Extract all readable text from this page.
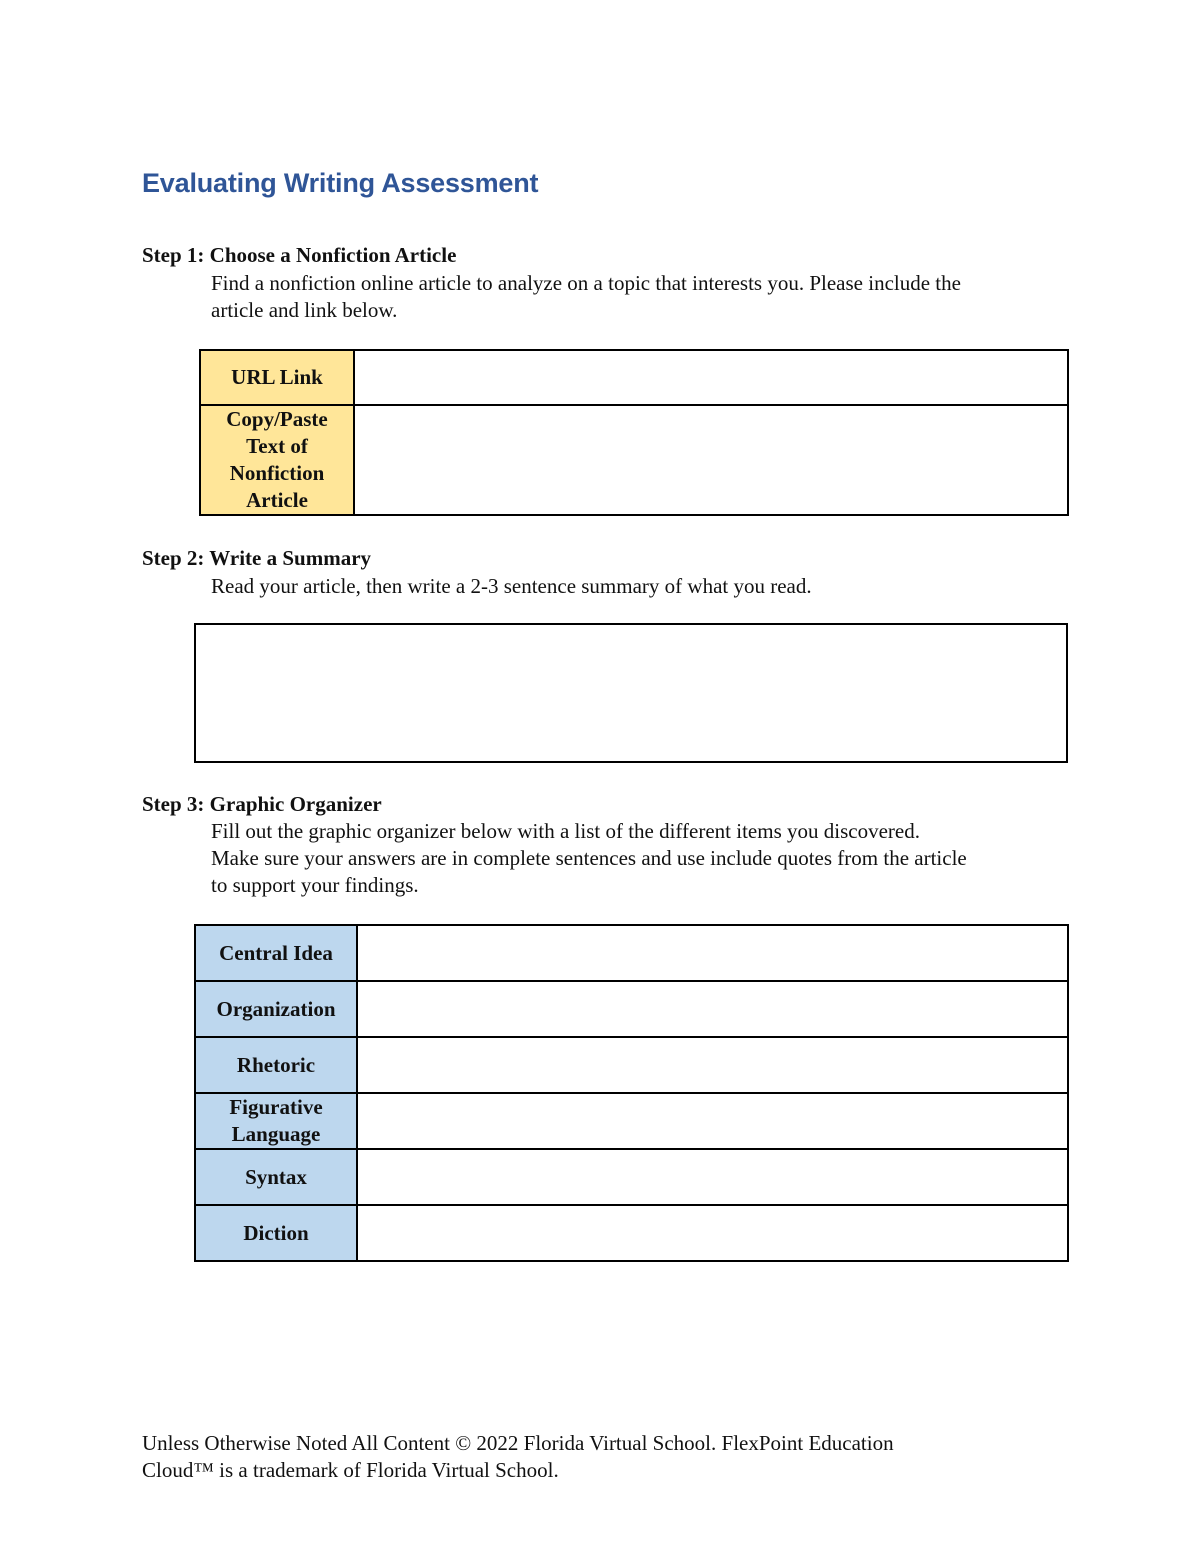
Evaluating Writing Assessment
Step 1: Choose a Nonfiction Article
Find a nonfiction online article to analyze on a topic that interests you. Please include the
article and link below.
URL Link	

Copy/Paste
Text of
Nonfiction
Article	

Step 2: Write a Summary
Read your article, then write a 2-3 sentence summary of what you read.
Step 3: Graphic Organizer
Fill out the graphic organizer below with a list of the different items you discovered.
Make sure your answers are in complete sentences and use include quotes from the article
to support your findings.
Central Idea	
Organization	
Rhetoric	

Figurative
Language	

Syntax	
Diction	
Unless Otherwise Noted All Content © 2022 Florida Virtual School. FlexPoint Education
Cloud™ is a trademark of Florida Virtual School.
